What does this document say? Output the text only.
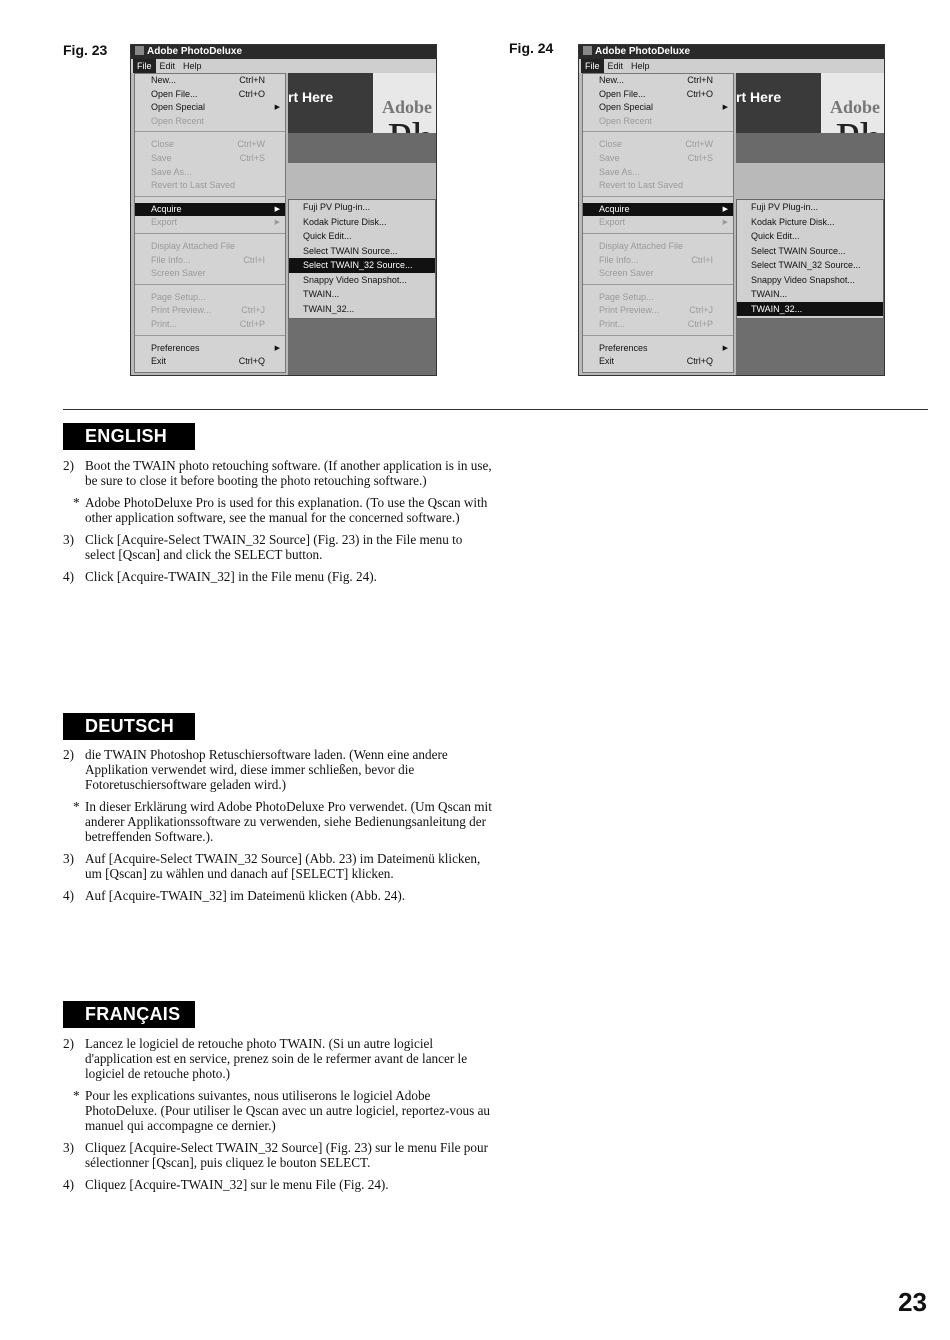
Fig. 23	Adobe PhotoDeluxe
File Edit Help
rt Here	Adobe
New...	Ctrl+N
Open File...	Ctrl+O
Open Special	▶
Open Recent
Close	Ctrl+W
Save	Ctrl+S
Save As...
Revert to Last Saved
Acquire	▶
Export	▶
Display Attached File
File Info...	Ctrl+I
Screen Saver
Page Setup...
Print Preview...	Ctrl+J
Print...	Ctrl+P
Preferences	▶
Exit	Ctrl+Q
Fuji PV Plug-in...
Kodak Picture Disk...
Quick Edit...
Select TWAIN Source...
Select TWAIN_32 Source...
Snappy Video Snapshot...
TWAIN...
TWAIN_32...
Fig. 24	Adobe PhotoDeluxe
File Edit Help
rt Here	Adobe
New...	Ctrl+N
Open File...	Ctrl+O
Open Special	▶
Open Recent
Close	Ctrl+W
Save	Ctrl+S
Save As...
Revert to Last Saved
Acquire	▶
Export	▶
Display Attached File
File Info...	Ctrl+I
Screen Saver
Page Setup...
Print Preview...	Ctrl+J
Print...	Ctrl+P
Preferences	▶
Exit	Ctrl+Q
Fuji PV Plug-in...
Kodak Picture Disk...
Quick Edit...
Select TWAIN Source...
Select TWAIN_32 Source...
Snappy Video Snapshot...
TWAIN...
TWAIN_32...
ENGLISH
2) Boot the TWAIN photo retouching software. (If another application is in use, be sure to close it before booting the photo retouching software.)
* Adobe PhotoDeluxe Pro is used for this explanation. (To use the Qscan with other application software, see the manual for the concerned software.)
3) Click [Acquire-Select TWAIN_32 Source] (Fig. 23) in the File menu to select [Qscan] and click the SELECT button.
4) Click [Acquire-TWAIN_32] in the File menu (Fig. 24).
DEUTSCH
2) die TWAIN Photoshop Retuschiersoftware laden. (Wenn eine andere Applikation verwendet wird, diese immer schließen, bevor die Fotoretuschiersoftware geladen wird.)
* In dieser Erklärung wird Adobe PhotoDeluxe Pro verwendet. (Um Qscan mit anderer Applikationssoftware zu verwenden, siehe Bedienungsanleitung der betreffenden Software.).
3) Auf [Acquire-Select TWAIN_32 Source] (Abb. 23) im Dateimenü klicken, um [Qscan] zu wählen und danach auf [SELECT] klicken.
4) Auf [Acquire-TWAIN_32] im Dateimenü klicken (Abb. 24).
FRANÇAIS
2) Lancez le logiciel de retouche photo TWAIN. (Si un autre logiciel d'application est en service, prenez soin de le refermer avant de lancer le logiciel de retouche photo.)
* Pour les explications suivantes, nous utiliserons le logiciel Adobe PhotoDeluxe. (Pour utiliser le Qscan avec un autre logiciel, reportez-vous au manuel qui accompagne ce dernier.)
3) Cliquez [Acquire-Select TWAIN_32 Source] (Fig. 23) sur le menu File pour sélectionner [Qscan], puis cliquez le bouton SELECT.
4) Cliquez [Acquire-TWAIN_32] sur le menu File (Fig. 24).
23
